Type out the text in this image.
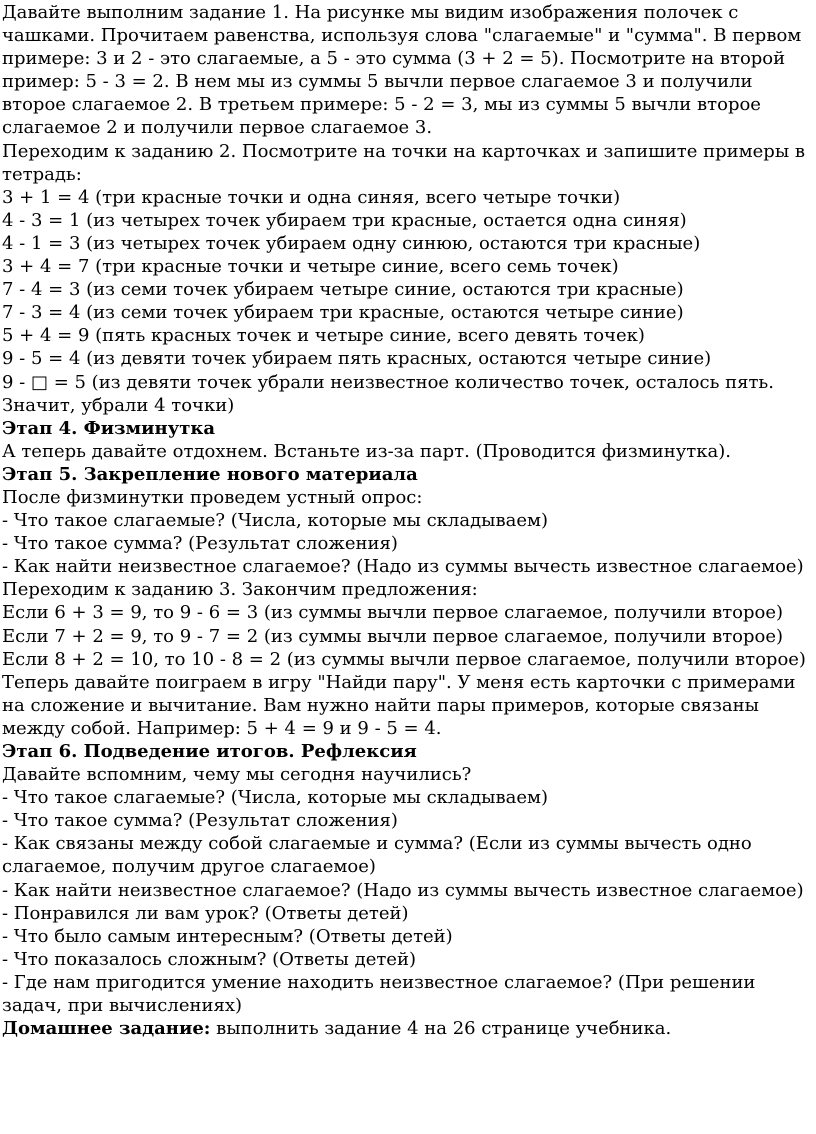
Давайте выполним задание 1. На рисунке мы видим изображения полочек с чашками. Прочитаем равенства, используя слова "слагаемые" и "сумма". В первом примере: 3 и 2 - это слагаемые, а 5 - это сумма (3 + 2 = 5). Посмотрите на второй пример: 5 - 3 = 2. В нем мы из суммы 5 вычли первое слагаемое 3 и получили второе слагаемое 2. В третьем примере: 5 - 2 = 3, мы из суммы 5 вычли второе слагаемое 2 и получили первое слагаемое 3.
Переходим к заданию 2. Посмотрите на точки на карточках и запишите примеры в тетрадь:
3 + 1 = 4 (три красные точки и одна синяя, всего четыре точки)
4 - 3 = 1 (из четырех точек убираем три красные, остается одна синяя)
4 - 1 = 3 (из четырех точек убираем одну синюю, остаются три красные)
3 + 4 = 7 (три красные точки и четыре синие, всего семь точек)
7 - 4 = 3 (из семи точек убираем четыре синие, остаются три красные)
7 - 3 = 4 (из семи точек убираем три красные, остаются четыре синие)
5 + 4 = 9 (пять красных точек и четыре синие, всего девять точек)
9 - 5 = 4 (из девяти точек убираем пять красных, остаются четыре синие)
9 - □ = 5 (из девяти точек убрали неизвестное количество точек, осталось пять. Значит, убрали 4 точки)
Этап 4. Физминутка
А теперь давайте отдохнем. Встаньте из-за парт. (Проводится физминутка).
Этап 5. Закрепление нового материала
После физминутки проведем устный опрос:
- Что такое слагаемые? (Числа, которые мы складываем)
- Что такое сумма? (Результат сложения)
- Как найти неизвестное слагаемое? (Надо из суммы вычесть известное слагаемое)
Переходим к заданию 3. Закончим предложения:
Если 6 + 3 = 9, то 9 - 6 = 3 (из суммы вычли первое слагаемое, получили второе)
Если 7 + 2 = 9, то 9 - 7 = 2 (из суммы вычли первое слагаемое, получили второе)
Если 8 + 2 = 10, то 10 - 8 = 2 (из суммы вычли первое слагаемое, получили второе)
Теперь давайте поиграем в игру "Найди пару". У меня есть карточки с примерами на сложение и вычитание. Вам нужно найти пары примеров, которые связаны между собой. Например: 5 + 4 = 9 и 9 - 5 = 4.
Этап 6. Подведение итогов. Рефлексия
Давайте вспомним, чему мы сегодня научились?
- Что такое слагаемые? (Числа, которые мы складываем)
- Что такое сумма? (Результат сложения)
- Как связаны между собой слагаемые и сумма? (Если из суммы вычесть одно слагаемое, получим другое слагаемое)
- Как найти неизвестное слагаемое? (Надо из суммы вычесть известное слагаемое)
- Понравился ли вам урок? (Ответы детей)
- Что было самым интересным? (Ответы детей)
- Что показалось сложным? (Ответы детей)
- Где нам пригодится умение находить неизвестное слагаемое? (При решении задач, при вычислениях)
Домашнее задание: выполнить задание 4 на 26 странице учебника.
